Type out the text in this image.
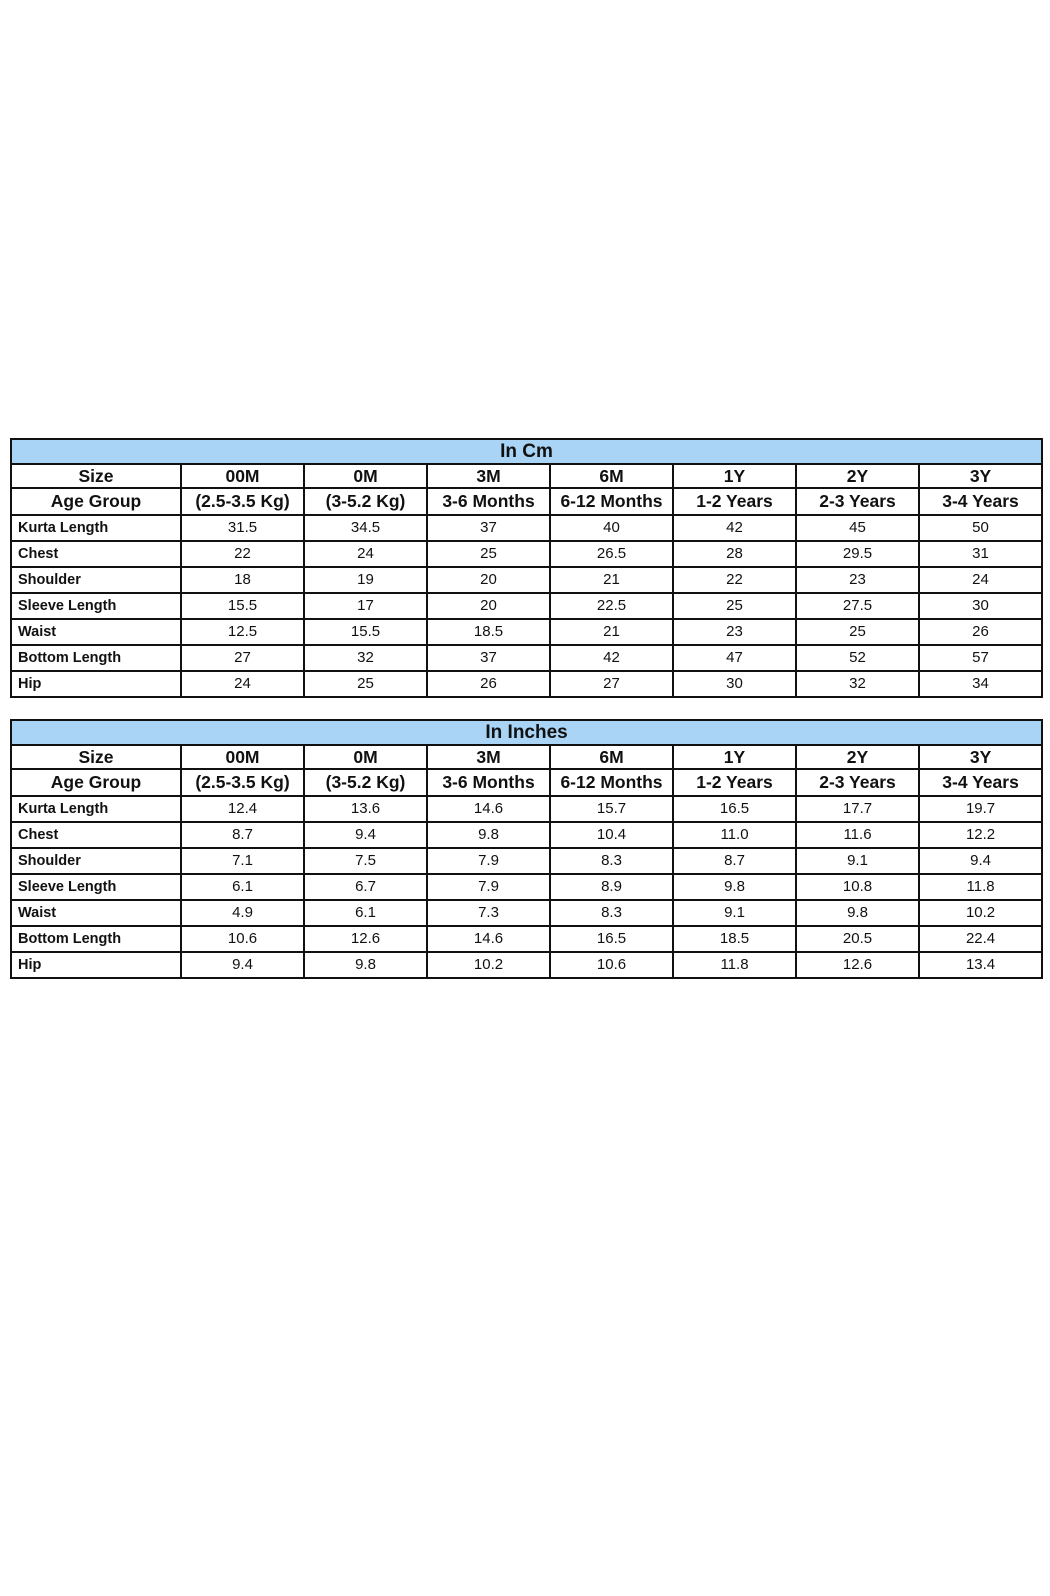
In Cm							
Size	00M	0M	3M	6M	1Y	2Y	3Y
Age Group	(2.5-3.5 Kg)	(3-5.2 Kg)	3-6 Months	6-12 Months	1-2 Years	2-3 Years	3-4 Years
Kurta Length	31.5	34.5	37	40	42	45	50
Chest	22	24	25	26.5	28	29.5	31
Shoulder	18	19	20	21	22	23	24
Sleeve Length	15.5	17	20	22.5	25	27.5	30
Waist	12.5	15.5	18.5	21	23	25	26
Bottom Length	27	32	37	42	47	52	57
Hip	24	25	26	27	30	32	34
In Inches							
Size	00M	0M	3M	6M	1Y	2Y	3Y
Age Group	(2.5-3.5 Kg)	(3-5.2 Kg)	3-6 Months	6-12 Months	1-2 Years	2-3 Years	3-4 Years
Kurta Length	12.4	13.6	14.6	15.7	16.5	17.7	19.7
Chest	8.7	9.4	9.8	10.4	11.0	11.6	12.2
Shoulder	7.1	7.5	7.9	8.3	8.7	9.1	9.4
Sleeve Length	6.1	6.7	7.9	8.9	9.8	10.8	11.8
Waist	4.9	6.1	7.3	8.3	9.1	9.8	10.2
Bottom Length	10.6	12.6	14.6	16.5	18.5	20.5	22.4
Hip	9.4	9.8	10.2	10.6	11.8	12.6	13.4
